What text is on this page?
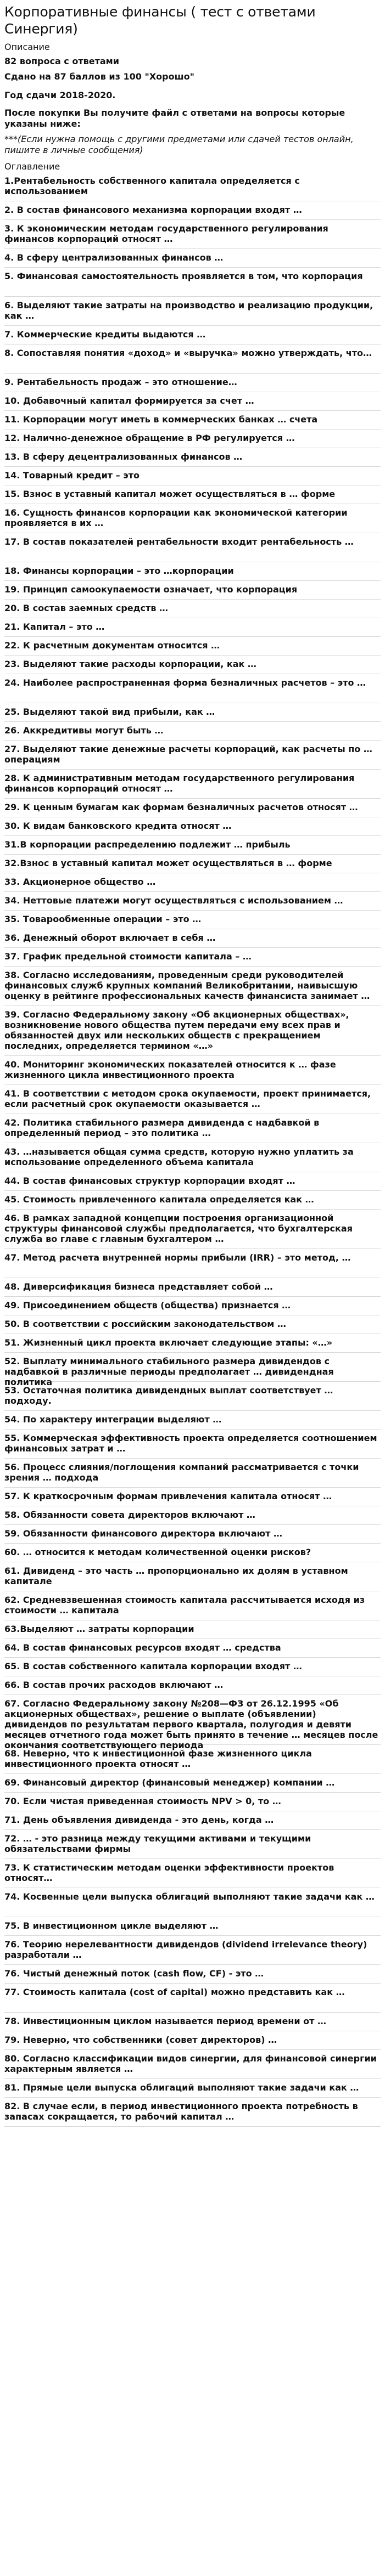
Корпоративные финансы ( тест с ответами Синергия)
Описание
82 вопроса с ответами
Сдано на 87 баллов из 100 "Хорошо"
Год сдачи 2018-2020.
После покупки Вы получите файл с ответами на вопросы которые указаны ниже:
***(Если нужна помощь с другими предметами или сдачей тестов онлайн, пишите в личные сообщения)
Оглавление
1.Рентабельность собственного капитала определяется с использованием
2. В состав финансового механизма корпорации входят …
3. К экономическим методам государственного регулирования финансов корпораций относят …
4. В сферу централизованных финансов …
5. Финансовая самостоятельность проявляется в том, что корпорация
6. Выделяют такие затраты на производство и реализацию продукции, как …
7. Коммерческие кредиты выдаются …
8. Сопоставляя понятия «доход» и «выручка» можно утверждать, что…
9. Рентабельность продаж – это отношение…
10. Добавочный капитал формируется за счет …
11. Корпорации могут иметь в коммерческих банках … счета
12. Налично-денежное обращение в РФ регулируется …
13. В сферу децентрализованных финансов …
14. Товарный кредит – это
15. Взнос в уставный капитал может осуществляться в … форме
16. Сущность финансов корпорации как экономической категории проявляется в их …
17. В состав показателей рентабельности входит рентабельность …
18. Финансы корпорации – это …корпорации
19. Принцип самоокупаемости означает, что корпорация
20. В состав заемных средств …
21. Капитал – это …
22. К расчетным документам относится …
23. Выделяют такие расходы корпорации, как …
24. Наиболее распространенная форма безналичных расчетов – это …
25. Выделяют такой вид прибыли, как …
26. Аккредитивы могут быть …
27. Выделяют такие денежные расчеты корпораций, как расчеты по … операциям
28. К административным методам государственного регулирования финансов корпораций относят …
29. К ценным бумагам как формам безналичных расчетов относят …
30. К видам банковского кредита относят …
31.В корпорации распределению подлежит … прибыль
32.Взнос в уставный капитал может осуществляться в … форме
33. Акционерное общество …
34. Неттовые платежи могут осуществляться с использованием …
35. Товарообменные операции – это …
36. Денежный оборот включает в себя …
37. График предельной стоимости капитала – …
38. Согласно исследованиям, проведенным среди руководителей финансовых служб крупных компаний Великобритании, наивысшую оценку в рейтинге профессиональных качеств финансиста занимает …
39. Согласно Федеральному закону «Об акционерных обществах», возникновение нового общества путем передачи ему всех прав и обязанностей двух или нескольких обществ с прекращением последних, определяется термином «…»
40. Мониторинг экономических показателей относится к … фазе жизненного цикла инвестиционного проекта
41. В соответствии с методом срока окупаемости, проект принимается, если расчетный срок окупаемости оказывается …
42. Политика стабильного размера дивиденда с надбавкой в определенный период – это политика …
43. …называется общая сумма средств, которую нужно уплатить за использование определенного объема капитала
44. В состав финансовых структур корпорации входят …
45. Стоимость привлеченного капитала определяется как …
46. В рамках западной концепции построения организационной структуры финансовой службы предполагается, что бухгалтерская служба во главе с главным бухгалтером …
47. Метод расчета внутренней нормы прибыли (IRR) – это метод, …
48. Диверсификация бизнеса представляет собой …
49. Присоединением обществ (общества) признается …
50. В соответствии с российским законодательством …
51. Жизненный цикл проекта включает следующие этапы: «…»
52. Выплату минимального стабильного размера дивидендов с надбавкой в различные периоды предполагает … дивидендная политика
53. Остаточная политика дивидендных выплат соответствует … подходу.
54. По характеру интеграции выделяют …
55. Коммерческая эффективность проекта определяется соотношением финансовых затрат и …
56. Процесс слияния/поглощения компаний рассматривается с точки зрения … подхода
57. К краткосрочным формам привлечения капитала относят …
58. Обязанности совета директоров включают …
59. Обязанности финансового директора включают …
60. … относится к методам количественной оценки рисков?
61. Дивиденд – это часть … пропорционально их долям в уставном капитале
62. Средневзвешенная стоимость капитала рассчитывается исходя из стоимости … капитала
63.Выделяют … затраты корпорации
64. В состав финансовых ресурсов входят … средства
65. В состав собственного капитала корпорации входят …
66. В состав прочих расходов включают …
67. Согласно Федеральному закону №208—ФЗ от 26.12.1995 «Об акционерных обществах», решение о выплате (объявлении) дивидендов по результатам первого квартала, полугодия и девяти месяцев отчетного года может быть принято в течение … месяцев после окончания соответствующего периода
68. Неверно, что к инвестиционной фазе жизненного цикла инвестиционного проекта относят …
69. Финансовый директор (финансовый менеджер) компании …
70. Если чистая приведенная стоимость NPV > 0, то …
71. День объявления дивиденда - это день, когда …
72. … - это разница между текущими активами и текущими обязательствами фирмы
73. К статистическим методам оценки эффективности проектов относят…
74. Косвенные цели выпуска облигаций выполняют такие задачи как …
75. В инвестиционном цикле выделяют …
76. Теорию нерелевантности дивидендов (dividend irrelevance theory) разработали …
76. Чистый денежный поток (cash flow, CF) - это …
77. Стоимость капитала (cost of capital) можно представить как …
78. Инвестиционным циклом называется период времени от …
79. Неверно, что собственники (совет директоров) …
80. Согласно классификации видов синергии, для финансовой синергии характерным является …
81. Прямые цели выпуска облигаций выполняют такие задачи как …
82. В случае если, в период инвестиционного проекта потребность в запасах сокращается, то рабочий капитал …
